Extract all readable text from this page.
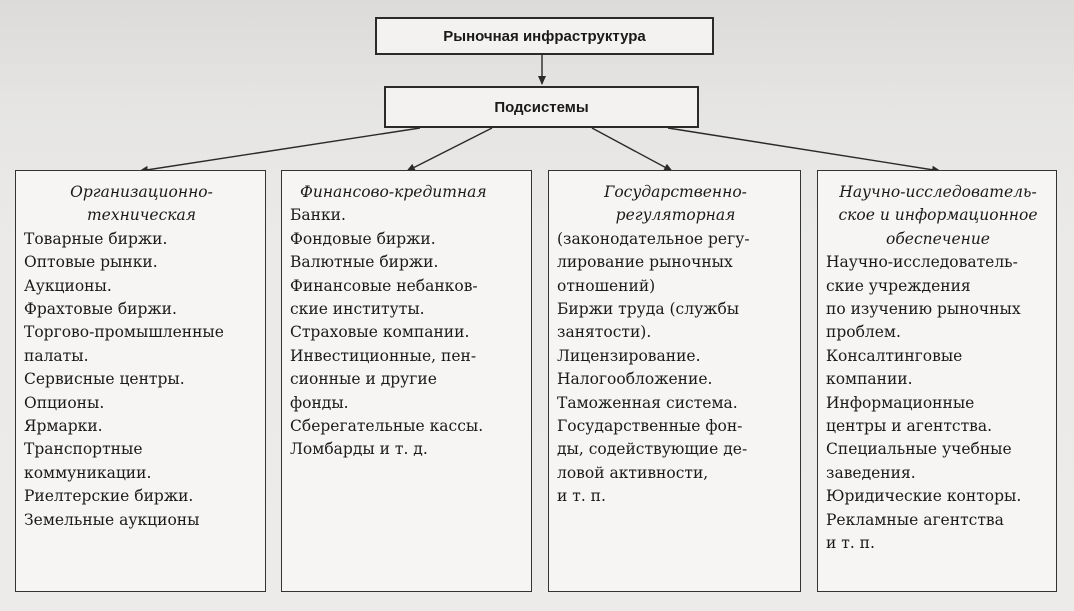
Рыночная инфраструктура
Подсистемы
Организационно-
техническая
Товарные биржи.
Оптовые рынки.
Аукционы.
Фрахтовые биржи.
Торгово-промышленные
палаты.
Сервисные центры.
Опционы.
Ярмарки.
Транспортные
коммуникации.
Риелтерские биржи.
Земельные аукционы
Финансово-кредитная
Банки.
Фондовые биржи.
Валютные биржи.
Финансовые небанков-
ские институты.
Страховые компании.
Инвестиционные, пен-
сионные и другие
фонды.
Сберегательные кассы.
Ломбарды и т. д.
Государственно-
регуляторная
(законодательное регу-
лирование рыночных
отношений)
Биржи труда (службы
занятости).
Лицензирование.
Налогообложение.
Таможенная система.
Государственные фон-
ды, содействующие де-
ловой активности,
и т. п.
Научно-исследователь-
ское и информационное
обеспечение
Научно-исследователь-
ские учреждения
по изучению рыночных
проблем.
Консалтинговые
компании.
Информационные
центры и агентства.
Специальные учебные
заведения.
Юридические конторы.
Рекламные агентства
и т. п.
